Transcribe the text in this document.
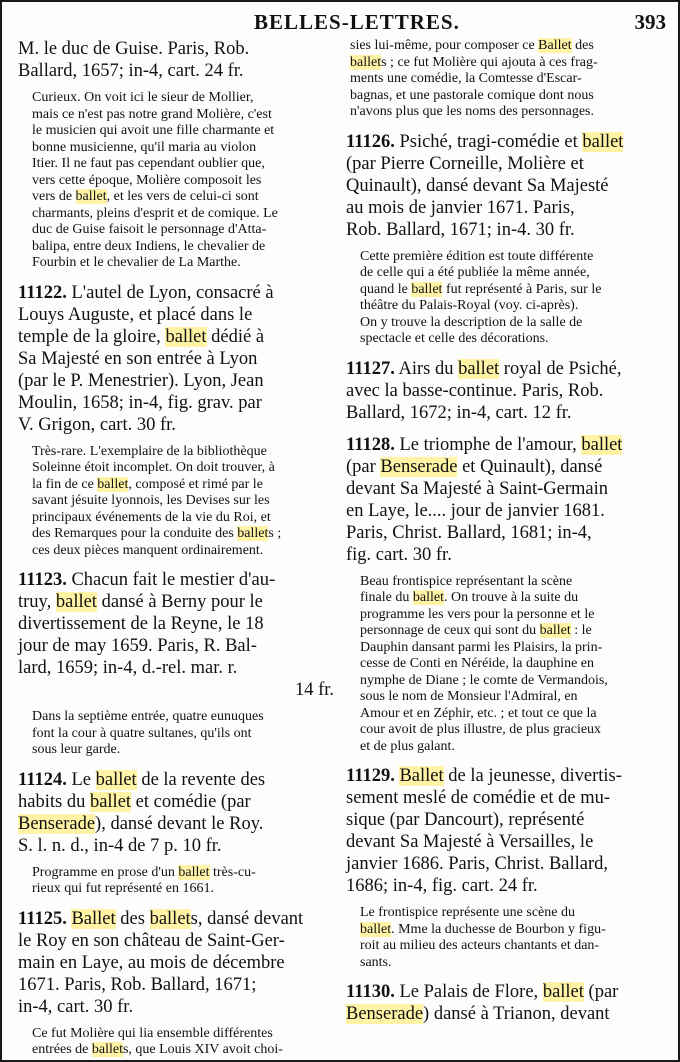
BELLES-LETTRES.	393
M. le duc de Guise. Paris, Rob.
Ballard, 1657; in-4, cart. 24 fr.
Curieux. On voit ici le sieur de Mollier,
mais ce n'est pas notre grand Molière, c'est
le musicien qui avoit une fille charmante et
bonne musicienne, qu'il maria au violon
Itier. Il ne faut pas cependant oublier que,
vers cette époque, Molière composoit les
vers de ballet, et les vers de celui-ci sont
charmants, pleins d'esprit et de comique. Le
duc de Guise faisoit le personnage d'Atta-
balipa, entre deux Indiens, le chevalier de
Fourbin et le chevalier de La Marthe.
11122. L'autel de Lyon, consacré à
Louys Auguste, et placé dans le
temple de la gloire, ballet dédié à
Sa Majesté en son entrée à Lyon
(par le P. Menestrier). Lyon, Jean
Moulin, 1658; in-4, fig. grav. par
V. Grigon, cart. 30 fr.
Très-rare. L'exemplaire de la bibliothèque
Soleinne étoit incomplet. On doit trouver, à
la fin de ce ballet, composé et rimé par le
savant jésuite lyonnois, les Devises sur les
principaux événements de la vie du Roi, et
des Remarques pour la conduite des ballets ;
ces deux pièces manquent ordinairement.
11123. Chacun fait le mestier d'au-
truy, ballet dansé à Berny pour le
divertissement de la Reyne, le 18
jour de may 1659. Paris, R. Bal-
lard, 1659; in-4, d.-rel. mar. r.
14 fr.
Dans la septième entrée, quatre eunuques
font la cour à quatre sultanes, qu'ils ont
sous leur garde.
11124. Le ballet de la revente des
habits du ballet et comédie (par
Benserade), dansé devant le Roy.
S. l. n. d., in-4 de 7 p. 10 fr.
Programme en prose d'un ballet très-cu-
rieux qui fut représenté en 1661.
11125. Ballet des ballets, dansé devant
le Roy en son château de Saint-Ger-
main en Laye, au mois de décembre
1671. Paris, Rob. Ballard, 1671;
in-4, cart. 30 fr.
Ce fut Molière qui lia ensemble différentes
entrées de ballets, que Louis XIV avoit choi-
sies lui-même, pour composer ce Ballet des
ballets ; ce fut Molière qui ajouta à ces frag-
ments une comédie, la Comtesse d'Escar-
bagnas, et une pastorale comique dont nous
n'avons plus que les noms des personnages.
11126. Psiché, tragi-comédie et ballet
(par Pierre Corneille, Molière et
Quinault), dansé devant Sa Majesté
au mois de janvier 1671. Paris,
Rob. Ballard, 1671; in-4. 30 fr.
Cette première édition est toute différente
de celle qui a été publiée la même année,
quand le ballet fut représenté à Paris, sur le
théâtre du Palais-Royal (voy. ci-après).
On y trouve la description de la salle de
spectacle et celle des décorations.
11127. Airs du ballet royal de Psiché,
avec la basse-continue. Paris, Rob.
Ballard, 1672; in-4, cart. 12 fr.
11128. Le triomphe de l'amour, ballet
(par Benserade et Quinault), dansé
devant Sa Majesté à Saint-Germain
en Laye, le.... jour de janvier 1681.
Paris, Christ. Ballard, 1681; in-4,
fig. cart. 30 fr.
Beau frontispice représentant la scène
finale du ballet. On trouve à la suite du
programme les vers pour la personne et le
personnage de ceux qui sont du ballet : le
Dauphin dansant parmi les Plaisirs, la prin-
cesse de Conti en Néréide, la dauphine en
nymphe de Diane ; le comte de Vermandois,
sous le nom de Monsieur l'Admiral, en
Amour et en Zéphir, etc. ; et tout ce que la
cour avoit de plus illustre, de plus gracieux
et de plus galant.
11129. Ballet de la jeunesse, divertis-
sement meslé de comédie et de mu-
sique (par Dancourt), représenté
devant Sa Majesté à Versailles, le
janvier 1686. Paris, Christ. Ballard,
1686; in-4, fig. cart. 24 fr.
Le frontispice représente une scène du
ballet. Mme la duchesse de Bourbon y figu-
roit au milieu des acteurs chantants et dan-
sants.
11130. Le Palais de Flore, ballet (par
Benserade) dansé à Trianon, devant
